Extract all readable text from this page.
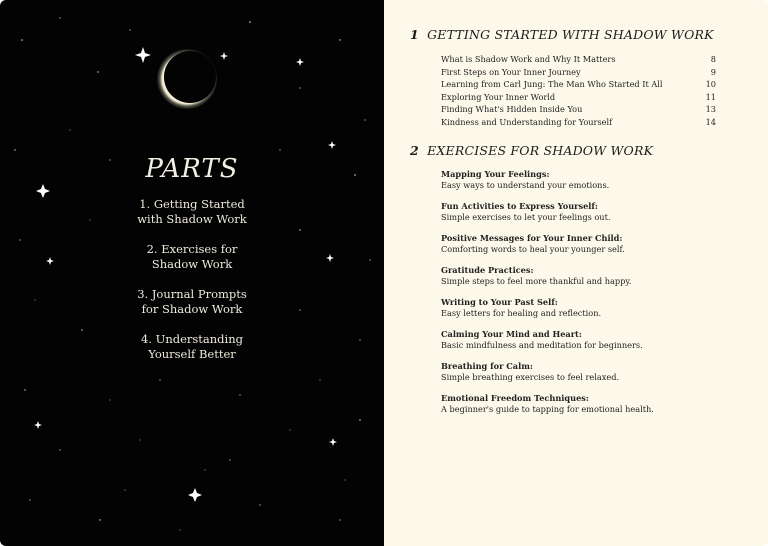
PARTS
1. Getting Started
with Shadow Work
2. Exercises for
Shadow Work
3. Journal Prompts
for Shadow Work
4. Understanding
Yourself Better
1 GETTING STARTED WITH SHADOW WORK
What is Shadow Work and Why It Matters	8
First Steps on Your Inner Journey	9
Learning from Carl Jung: The Man Who Started It All	10
Exploring Your Inner World	11
Finding What's Hidden Inside You	13
Kindness and Understanding for Yourself	14
2 EXERCISES FOR SHADOW WORK
Mapping Your Feelings:
Easy ways to understand your emotions.
Fun Activities to Express Yourself:
Simple exercises to let your feelings out.
Positive Messages for Your Inner Child:
Comforting words to heal your younger self.
Gratitude Practices:
Simple steps to feel more thankful and happy.
Writing to Your Past Self:
Easy letters for healing and reflection.
Calming Your Mind and Heart:
Basic mindfulness and meditation for beginners.
Breathing for Calm:
Simple breathing exercises to feel relaxed.
Emotional Freedom Techniques:
A beginner's guide to tapping for emotional health.
